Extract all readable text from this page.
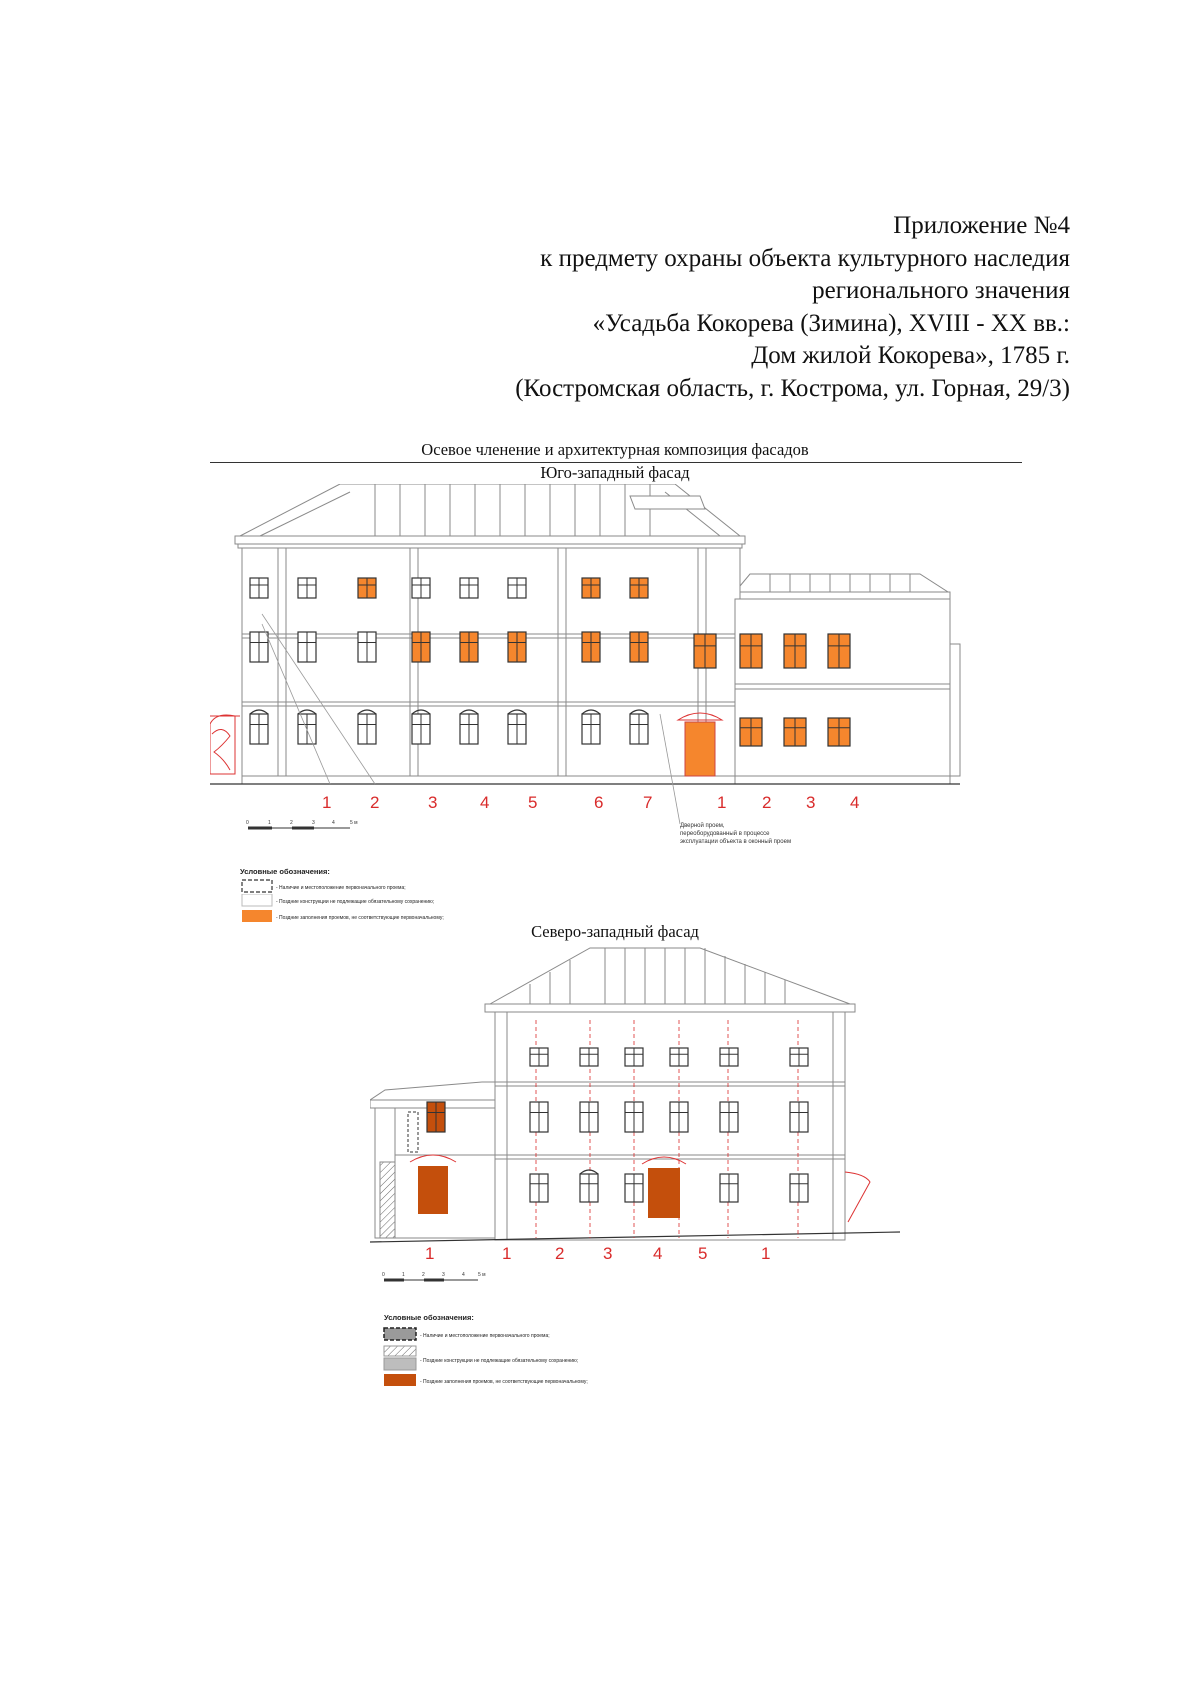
Приложение №4
к предмету охраны объекта культурного наследия
регионального значения
«Усадьба Кокорева (Зимина), XVIII - XX вв.:
Дом жилой Кокорева», 1785 г.
(Костромская область, г. Кострома, ул. Горная, 29/3)
Осевое членение и архитектурная композиция фасадов
Юго-западный фасад
1 2	3	4 5	6 7	1 2 3 4
0	1	2	3	4	5 м	Дверной проем,
переоборудованный в процессе
эксплуатации объекта в оконный проем
Условные обозначения:
- Наличие и местоположение первоначального проема;
- Поздние конструкции не подлежащие обязательному сохранению;
- Поздние заполнения проемов, не соответствующие первоначальному;
Северо-западный фасад
1	1	2 3 4 5	1
0	1	2	3	4	5 м
Условные обозначения:
- Наличие и местоположение первоначального проема;
- Поздние конструкции не подлежащие обязательному сохранению;
- Поздние заполнения проемов, не соответствующие первоначальному;
